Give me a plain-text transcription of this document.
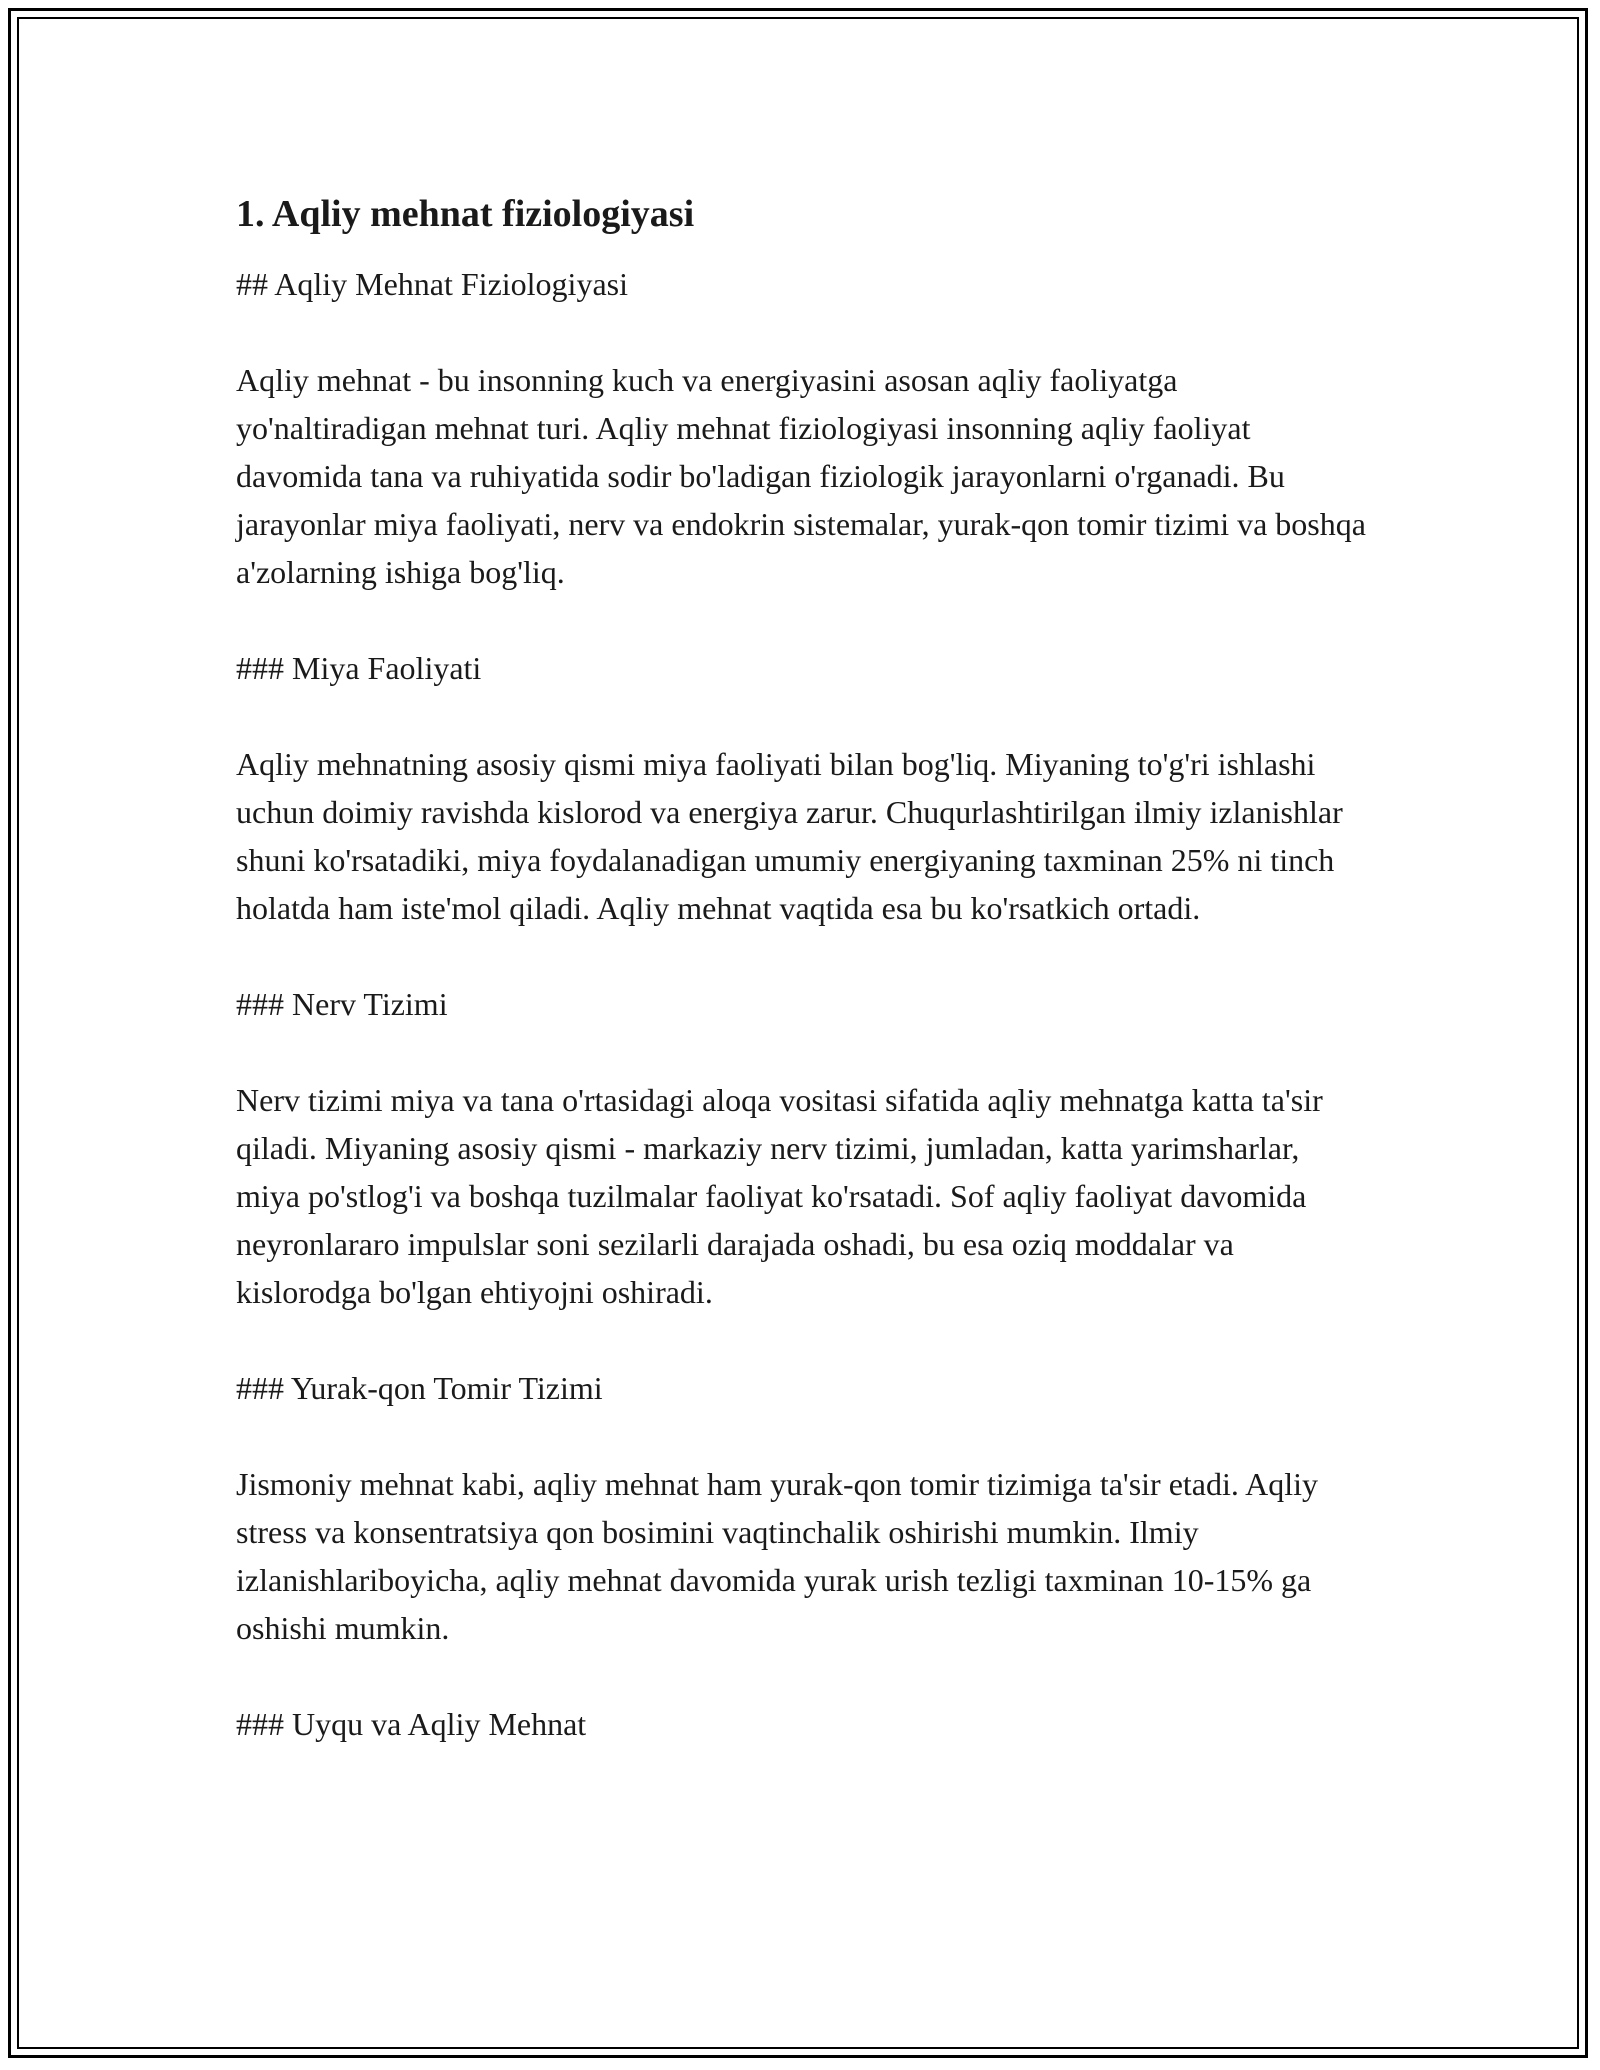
1. Aqliy mehnat fiziologiyasi

## Aqliy Mehnat Fiziologiyasi

Aqliy mehnat - bu insonning kuch va energiyasini asosan aqliy faoliyatga yo'naltiradigan mehnat turi. Aqliy mehnat fiziologiyasi insonning aqliy faoliyat davomida tana va ruhiyatida sodir bo'ladigan fiziologik jarayonlarni o'rganadi. Bu jarayonlar miya faoliyati, nerv va endokrin sistemalar, yurak-qon tomir tizimi va boshqa a'zolarning ishiga bog'liq.

### Miya Faoliyati

Aqliy mehnatning asosiy qismi miya faoliyati bilan bog'liq. Miyaning to'g'ri ishlashi uchun doimiy ravishda kislorod va energiya zarur. Chuqurlashtirilgan ilmiy izlanishlar shuni ko'rsatadiki, miya foydalanadigan umumiy energiyaning taxminan 25% ni tinch holatda ham iste'mol qiladi. Aqliy mehnat vaqtida esa bu ko'rsatkich ortadi.

### Nerv Tizimi

Nerv tizimi miya va tana o'rtasidagi aloqa vositasi sifatida aqliy mehnatga katta ta'sir qiladi. Miyaning asosiy qismi - markaziy nerv tizimi, jumladan, katta yarimsharlar, miya po'stlog'i va boshqa tuzilmalar faoliyat ko'rsatadi. Sof aqliy faoliyat davomida neyronlararo impulslar soni sezilarli darajada oshadi, bu esa oziq moddalar va kislorodga bo'lgan ehtiyojni oshiradi.

### Yurak-qon Tomir Tizimi

Jismoniy mehnat kabi, aqliy mehnat ham yurak-qon tomir tizimiga ta'sir etadi. Aqliy stress va konsentratsiya qon bosimini vaqtinchalik oshirishi mumkin. Ilmiy izlanishlariboyicha, aqliy mehnat davomida yurak urish tezligi taxminan 10-15% ga oshishi mumkin.

### Uyqu va Aqliy Mehnat
